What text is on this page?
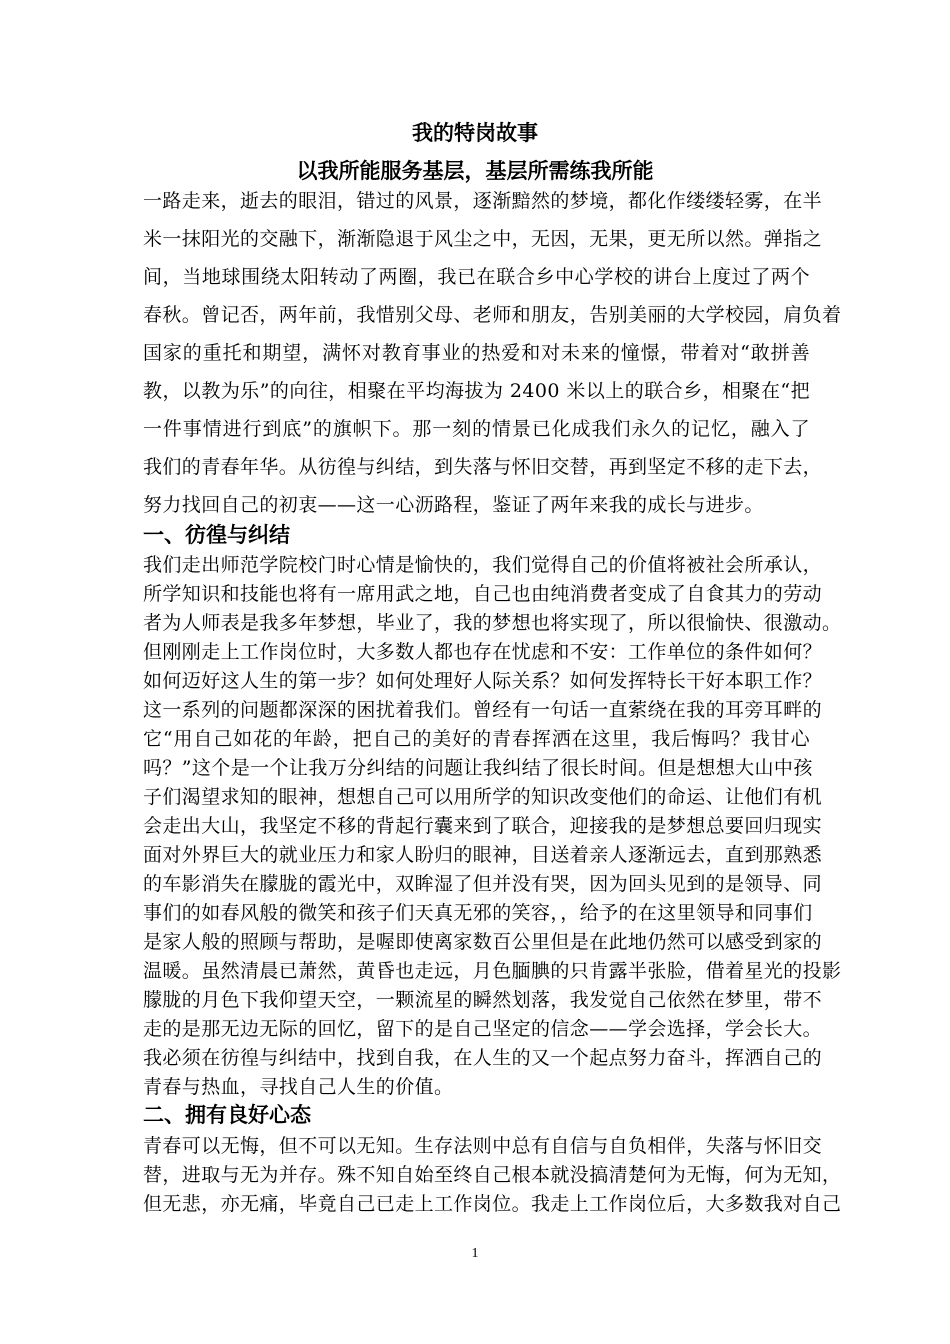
我的特岗故事
以我所能服务基层，基层所需练我所能
一路走来，逝去的眼泪，错过的风景，逐渐黯然的梦境，都化作缕缕轻雾，在半
米一抹阳光的交融下，渐渐隐退于风尘之中，无因，无果，更无所以然。弹指之
间，当地球围绕太阳转动了两圈，我已在联合乡中心学校的讲台上度过了两个
春秋。曾记否，两年前，我惜别父母、老师和朋友，告别美丽的大学校园，肩负着
国家的重托和期望，满怀对教育事业的热爱和对未来的憧憬，带着对“敢拼善
教，以教为乐”的向往，相聚在平均海拔为 2400 米以上的联合乡，相聚在“把
一件事情进行到底”的旗帜下。那一刻的情景已化成我们永久的记忆，融入了
我们的青春年华。从彷徨与纠结，到失落与怀旧交替，再到坚定不移的走下去，
努力找回自己的初衷——这一心沥路程，鉴证了两年来我的成长与进步。
一、彷徨与纠结
我们走出师范学院校门时心情是愉快的，我们觉得自己的价值将被社会所承认，
所学知识和技能也将有一席用武之地，自己也由纯消费者变成了自食其力的劳动
者为人师表是我多年梦想，毕业了，我的梦想也将实现了，所以很愉快、很激动。
但刚刚走上工作岗位时，大多数人都也存在忧虑和不安：工作单位的条件如何？
如何迈好这人生的第一步？如何处理好人际关系？如何发挥特长干好本职工作？
这一系列的问题都深深的困扰着我们。曾经有一句话一直萦绕在我的耳旁耳畔的
它“用自己如花的年龄，把自己的美好的青春挥洒在这里，我后悔吗？我甘心
吗？”这个是一个让我万分纠结的问题让我纠结了很长时间。但是想想大山中孩
子们渴望求知的眼神，想想自己可以用所学的知识改变他们的命运、让他们有机
会走出大山，我坚定不移的背起行囊来到了联合，迎接我的是梦想总要回归现实
面对外界巨大的就业压力和家人盼归的眼神，目送着亲人逐渐远去，直到那熟悉
的车影消失在朦胧的霞光中，双眸湿了但并没有哭，因为回头见到的是领导、同
事们的如春风般的微笑和孩子们天真无邪的笑容，，给予的在这里领导和同事们
是家人般的照顾与帮助，是喔即使离家数百公里但是在此地仍然可以感受到家的
温暖。虽然清晨已萧然，黄昏也走远，月色腼腆的只肯露半张脸，借着星光的投影
朦胧的月色下我仰望天空，一颗流星的瞬然划落，我发觉自己依然在梦里，带不
走的是那无边无际的回忆，留下的是自己坚定的信念——学会选择，学会长大。
我必须在彷徨与纠结中，找到自我，在人生的又一个起点努力奋斗，挥洒自己的
青春与热血，寻找自己人生的价值。
二、拥有良好心态
青春可以无悔，但不可以无知。生存法则中总有自信与自负相伴，失落与怀旧交
替，进取与无为并存。殊不知自始至终自己根本就没搞清楚何为无悔，何为无知，
但无悲，亦无痛，毕竟自己已走上工作岗位。我走上工作岗位后，大多数我对自己
1
